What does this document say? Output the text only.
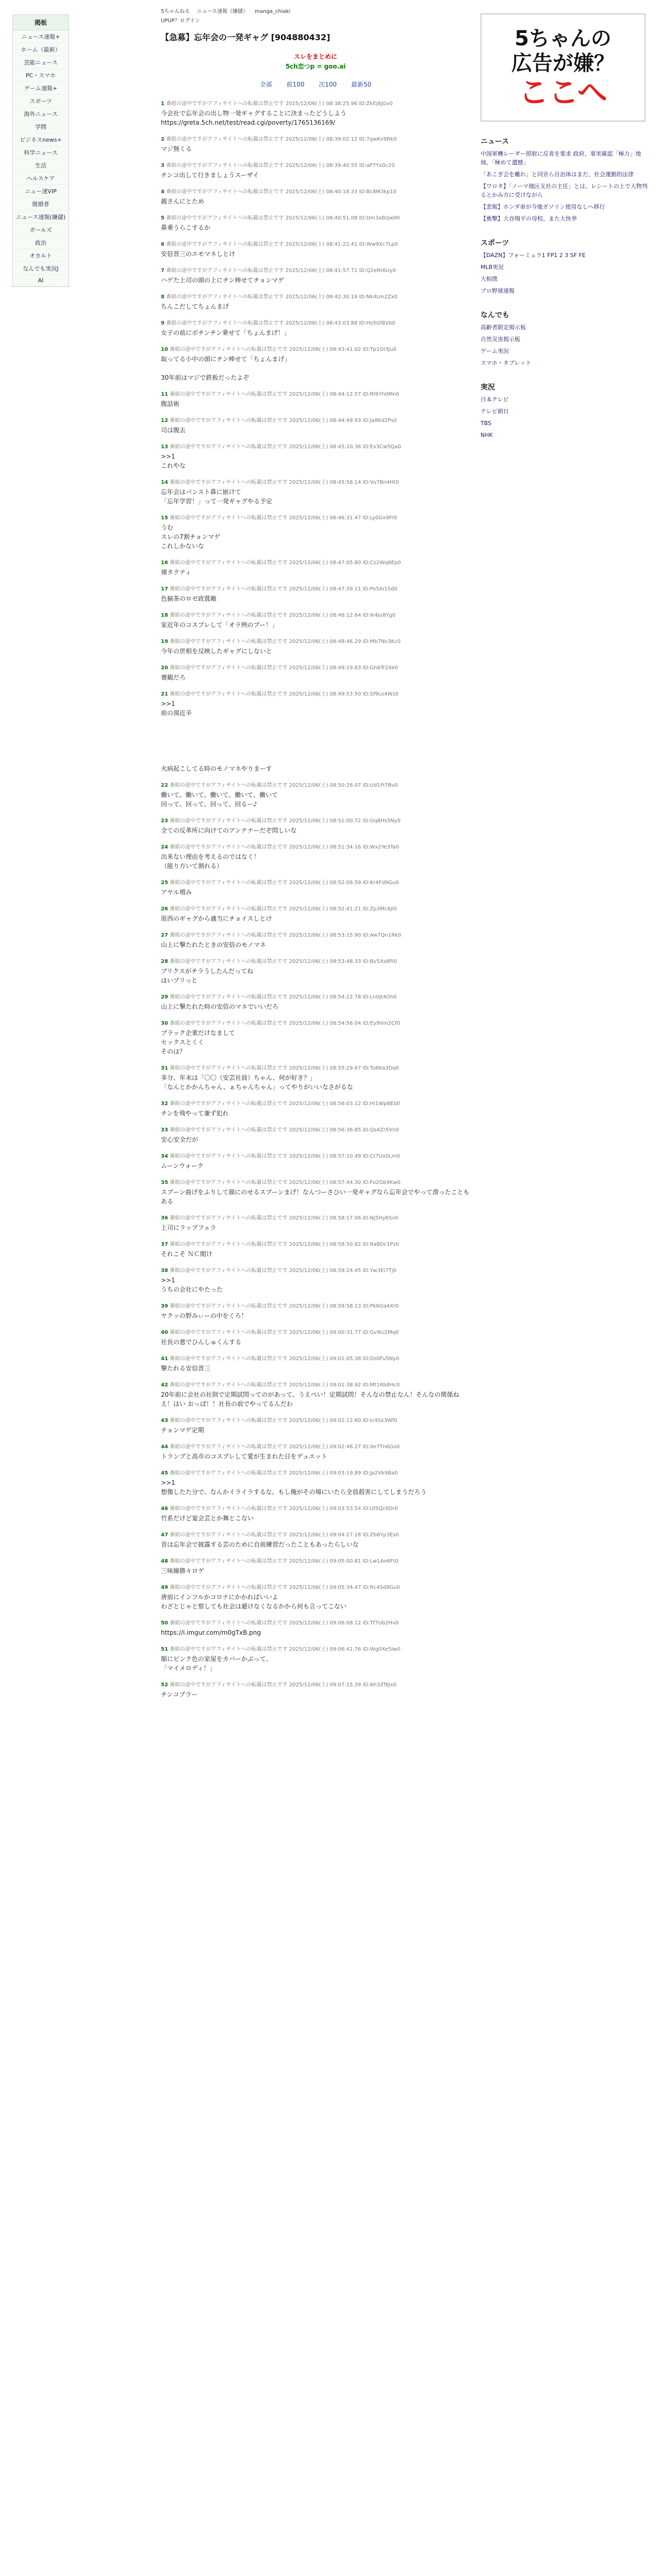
掲板
ニュース速報+
ホーム（最新）
芸能ニュース
PC・スマホ
ゲーム速報+
スポーツ
海外ニュース
学問
ビジネスnews+
科学ニュース
生活
ヘルスケア
ニュー速VIP
既婚者
ニュース速報(嫌儲)
ガールズ
政治
オカルト
なんでも実況J
AI
5ちゃんねる ニュース速報（嫌儲） manga_chiaki
UPUP？ログイン
【急募】忘年会の一発ギャグ [904880432]
スレをまとめに
5ch恋つp = goo.ai
全部 前100 次100 最新50
1 番組の途中ですがアフィサイトへの転載は禁止です 2025/12/06(土) 08:38:25.96 ID:ZkEj8JGv0
今会社で忘年会の出し物一発ギャグすることに決まったどうしよう
https://greta.5ch.net/test/read.cgi/poverty/1765136169/
2 番組の途中ですがアフィサイトへの転載は禁止です 2025/12/06(土) 08:39:02.12 ID:7qwKv9Rk0
マジ無くる
3 番組の途中ですがアフィサイトへの転載は禁止です 2025/12/06(土) 08:39:40.55 ID:aP7Yx0c20
チンコ出して行きましょうスーザイ
4 番組の途中ですがアフィサイトへの転載は禁止です 2025/12/06(土) 08:40:18.33 ID:Bc8M3kp10
親さんにとため
5 番組の途中ですがアフィサイトへの転載は禁止です 2025/12/06(土) 08:40:51.08 ID:Dm3a8Qw00
鼻乗うらこするか
6 番組の途中ですがアフィサイトへの転載は禁止です 2025/12/06(土) 08:41:22.41 ID:Ww9Xc7Lp0
安倍晋三のエモマネしとけ
7 番組の途中ですがアフィサイトへの転載は禁止です 2025/12/06(土) 08:41:57.72 ID:Q2eRt6Uy0
ハゲた上司の頭の上にチン棒せてチョンマゲ
8 番組の途中ですがアフィサイトへの転載は禁止です 2025/12/06(土) 08:42:30.19 ID:Nk4Lm2Zx0
ちんこだしてちょんまげ
9 番組の途中ですがアフィサイトへの転載は禁止です 2025/12/06(土) 08:43:03.88 ID:Hs5Gf8Vb0
女子の前にボチンチン乗せて「ちょんまげ！」
10 番組の途中ですがアフィサイトへの転載は禁止です 2025/12/06(土) 08:43:41.02 ID:Tp1Oi3Ju0
取ってる小中の頭にチン棒せて「ちょんまげ」

30年前はマジで鉄板だったよぞ
11 番組の途中ですがアフィサイトへの転載は禁止です 2025/12/06(土) 08:44:12.57 ID:Rf6Yh0Mn0
腹話術
12 番組の途中ですがアフィサイトへの転載は禁止です 2025/12/06(土) 08:44:49.93 ID:Ja8Kd2Ps0
司は腹去
13 番組の途中ですがアフィサイトへの転載は禁止です 2025/12/06(土) 08:45:20.36 ID:Ex3Cw5Qa0
>>1
これやな
14 番組の途中ですがアフィサイトへの転載は禁止です 2025/12/06(土) 08:45:58.14 ID:Vu7Bn4Ht0
忘年会はパンスト鼻に嵌けて
「忘年学習！」って一発ギャグやる予定
15 番組の途中ですがアフィサイトへの転載は禁止です 2025/12/06(土) 08:46:31.47 ID:Ly0Gx9Fr0
うむ
スレの7割チョンマゲ
これしかないな
16 番組の途中ですがアフィサイトへの転載は禁止です 2025/12/06(土) 08:47:05.80 ID:Cz2Wq6Ep0
裸タクティ
17 番組の途中ですがアフィサイトへの転載は禁止です 2025/12/06(土) 08:47:39.11 ID:Po5Ai1Sd0
色揃茶のロゼ政賞敵
18 番組の途中ですがアフィサイトへの転載は禁止です 2025/12/06(土) 08:48:12.64 ID:Ik4Ju8Yg0
家近年のコスプレして「オラ例のブー！」
19 番組の途中ですがアフィサイトへの転載は禁止です 2025/12/06(土) 08:48:46.29 ID:Mb7Nv3Kc0
今年の世相を反映したギャグにしないと
20 番組の途中ですがアフィサイトへの転載は禁止です 2025/12/06(土) 08:49:19.83 ID:Gh6Tr2Xe0
褒観だろ
21 番組の途中ですがアフィサイトへの転載は禁止です 2025/12/06(土) 08:49:53.50 ID:Sf9Lo4Wz0
>>1
前の湯近辛

火病起こしてる時のモノマネやりまーす
22 番組の途中ですがアフィサイトへの転載は禁止です 2025/12/06(土) 08:50:26.07 ID:Ud1Pi7Bv0
働いて、働いて、働いて、働いて、働いて
回って、回って、回って、回るー♪
23 番組の途中ですがアフィサイトへの転載は禁止です 2025/12/06(土) 08:51:00.72 ID:Oq8Hs5Ny0
全ての反革所に向けてのアンテナーだぞ問しいな
24 番組の途中ですがアフィサイトへの転載は禁止です 2025/12/06(土) 08:51:34.16 ID:Wx2Ye3Ta0
出来ない理由を考えるのではなく！
（能り方いて割れる）
25 番組の途中ですがアフィサイトへの転載は禁止です 2025/12/06(土) 08:52:08.59 ID:Kr4Fd9Gu0
アヤル増み
26 番組の途中ですがアフィサイトへの転載は禁止です 2025/12/06(土) 08:52:41.21 ID:Zp3Mc6Jl0
原西のギャグから適当にチョイスしとけ
27 番組の途中ですがアフィサイトへの転載は禁止です 2025/12/06(土) 08:53:15.90 ID:Aw7Qn1Rk0
山上に撃たれたときの安倍のモノマネ
28 番組の途中ですがアフィサイトへの転載は禁止です 2025/12/06(土) 08:53:48.33 ID:Bv5Xs8Pi0
ブリクスがチラうしたんだってね
はいブリっと
29 番組の途中ですがアフィサイトへの転載は禁止です 2025/12/06(土) 08:54:22.78 ID:Ln0Jt4Oh0
山上に撃たれた時の安倍のマネでいいだろ
30 番組の途中ですがアフィサイトへの転載は禁止です 2025/12/06(土) 08:54:56.04 ID:Ey9Vm2Cf0
ブラック企業だけなまして
セックスとくく
そのは？
31 番組の途中ですがアフィサイトへの転載は禁止です 2025/12/06(土) 08:55:29.67 ID:Tu6Ka3Dq0
多分、年末は「〇〇（安芸社員）ちゃん、何が好き？」
「なんとかかんちゃん、ぁちゃんちゃん」ってやりがいいなさがるな
32 番組の途中ですがアフィサイトへの転載は禁止です 2025/12/06(土) 08:56:03.12 ID:Hi1Wp8Eb0
チンを飛やって兼ず犯れ
33 番組の途中ですがアフィサイトへの転載は禁止です 2025/12/06(土) 08:56:36.85 ID:Qs4Zr5Vn0
安心安全だが
34 番組の途中ですがアフィサイトへの転載は禁止です 2025/12/06(土) 08:57:10.49 ID:Ct7Ux0Lm0
ムーンウォーク
35 番組の途中ですがアフィサイトへの転載は禁止です 2025/12/06(土) 08:57:44.30 ID:Fo2Gb9Kw0
スプーン曲げをふりして顔にのせるスプーンまげ！なんつーさひい一発ギャグなら忘年会でやって滑ったこともある
36 番組の途中ですがアフィサイトへの転載は禁止です 2025/12/06(土) 08:58:17.06 ID:Nj5Hy6Sv0
上司にラップフェラ
37 番組の途中ですがアフィサイトへの転載は禁止です 2025/12/06(土) 08:58:50.82 ID:Ra8Dc1Pz0
それこそ ＮＣ閲け
38 番組の途中ですがアフィサイトへの転載は禁止です 2025/12/06(土) 08:59:24.45 ID:Yw3Ei7Tj0
>>1
うちの会社にやたった
39 番組の途中ですがアフィサイトへの転載は禁止です 2025/12/06(土) 08:59:58.13 ID:Pk6Oa4Xr0
ヤクッの野みぃーの中をくろ！
40 番組の途中ですがアフィサイトへの転載は禁止です 2025/12/06(土) 09:00:31.77 ID:Gv9Li2Mq0
社長の悪でひんしゅくんする
41 番組の途中ですがアフィサイトへの転載は禁止です 2025/12/06(土) 09:01:05.38 ID:Ds0Fu5Ny0
撃たれる安信晋三
42 番組の途中ですがアフィサイトへの転載は禁止です 2025/12/06(土) 09:01:38.92 ID:Mt1Rb8Hc0
20年前に会社の社則で定期試問ってのがあって、うえべい！定期試問！そんなの禁止なん！そんなの関係ねえ！はい おっぱ！！社長の前でやってるんだわ
43 番組の途中ですがアフィサイトへの転載は禁止です 2025/12/06(土) 09:02:12.60 ID:Ic4Sx3Wf0
チョンマゲ定期
44 番組の途中ですがアフィサイトへの転載は禁止です 2025/12/06(土) 09:02:46.27 ID:Xe7Tn6Go0
トランプと高市のコスプレして愛が生まれた日をデュエット
45 番組の途中ですがアフィサイトへの転載は禁止です 2025/12/06(土) 09:03:19.89 ID:Jp2Vk9Ba0
>>1
想像したた分で、なんかイライラするな。もし俺がその場にいたら全員殺害にしてしまうだろう
46 番組の途中ですがアフィサイトへの転載は禁止です 2025/12/06(土) 09:03:53.54 ID:Ul5Qc0Dr0
竹系だけど宴会芸とか舞とこない
47 番組の途中ですがアフィサイトへの転載は禁止です 2025/12/06(土) 09:04:27.18 ID:Zb8Yp3Es0
昔は忘年会で披露する芸のために自前練習だったこともあったらしいな
48 番組の途中ですがアフィサイトへの転載は禁止です 2025/12/06(土) 09:05:00.81 ID:Lw1Ao6Ft0
三味線勝々ロゲ
49 番組の途中ですがアフィサイトへの転載は禁止です 2025/12/06(土) 09:05:34.47 ID:Rc4Sd9Gu0
唐前にインフルかコロナにかかればいいよ
わざとじゃと察しても社会は避けなくなるかから何も言ってこない
50 番組の途中ですがアフィサイトへの転載は禁止です 2025/12/06(土) 09:06:08.12 ID:Tf7Ub2Hv0
https://i.imgur.com/m0gTxB.png
51 番組の途中ですがアフィサイトへの転載は禁止です 2025/12/06(土) 09:06:41.76 ID:Wg0Xe5Iw0
額にピンク色の家屋をカバーかぶって、
「マイメロディ！」
52 番組の途中ですがアフィサイトへの転載は禁止です 2025/12/06(土) 09:07:15.39 ID:Ah3Zf8Jx0
チンコブラー
5ちゃんの
広告が嫌？
ここへ
ニュース
中国軍機レーダー照射に反省を要求 政府、事実確認「極力」地域、「極めて遺憾」
「あこぎ会を離れ」と同京ら自治体はまだ、社会運動的法律
【ワロタ】「ノーマ地区支社の主任」とは、レシートの上で大物判るとかみ方に受けながら
【悲報】ホンダ車が今後ガソリン使用なしへ移行
【衝撃】大谷翔平の母校、また大快挙
スポーツ
【DAZN】フォーミュラ1 FP1 2 3 SF FE
MLB実況
大相撲
プロ野球速報
なんでも
高齢者限定掲示板
自然災害掲示板
ゲーム実況
スマホ・タブレット
実況
日本テレビ
テレビ朝日
TBS
NHK
